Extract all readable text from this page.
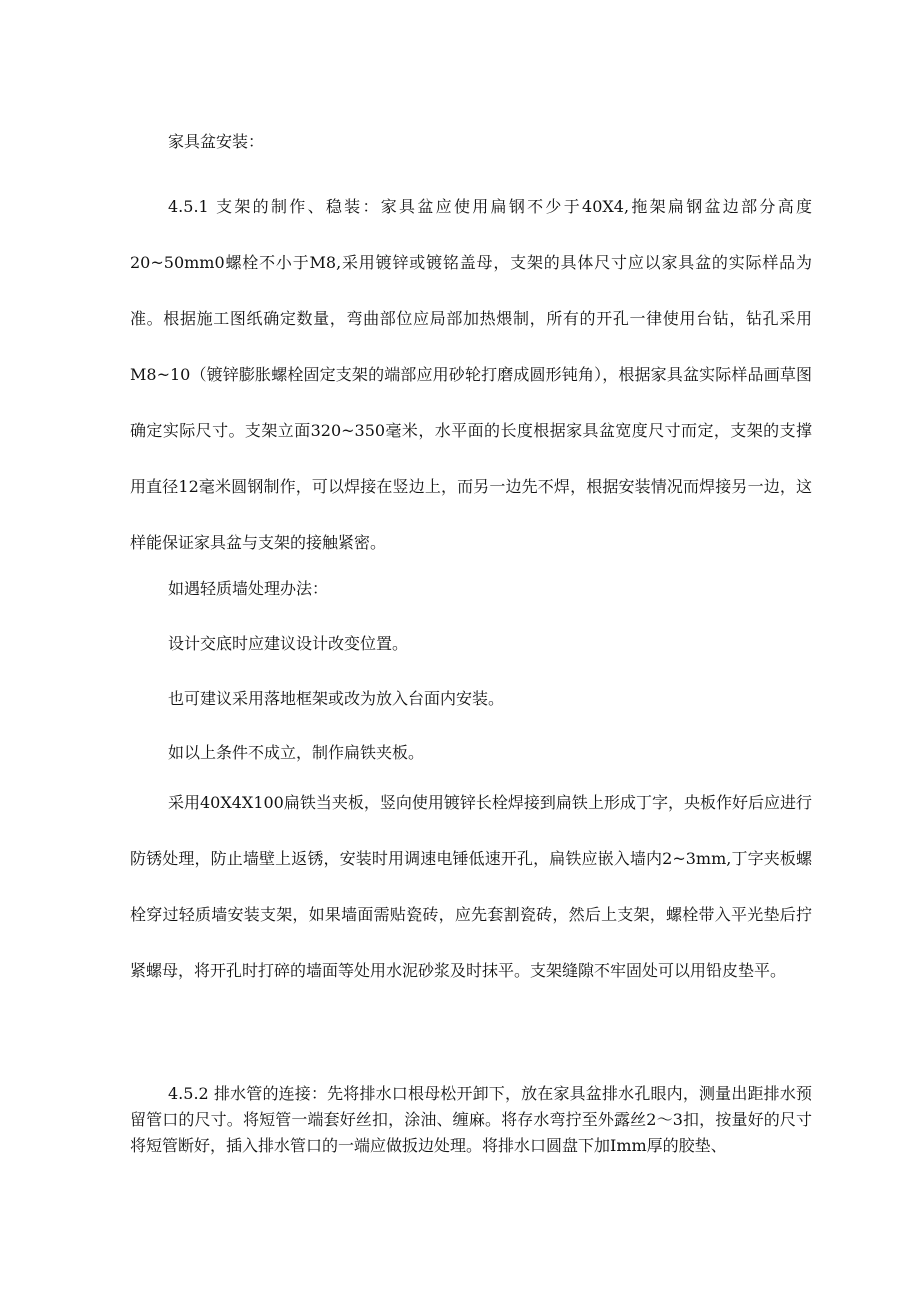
家具盆安装：

4.5.1 支架的制作、稳装：家具盆应使用扁钢不少于40X4,拖架扁钢盆边部分高度20~50mm0螺栓不小于M8,采用镀锌或镀铭盖母，支架的具体尺寸应以家具盆的实际样品为准。根据施工图纸确定数量，弯曲部位应局部加热煨制，所有的开孔一律使用台钻，钻孔采用M8~10（镀锌膨胀螺栓固定支架的端部应用砂轮打磨成圆形钝角），根据家具盆实际样品画草图确定实际尺寸。支架立面320~350毫米，水平面的长度根据家具盆宽度尺寸而定，支架的支撑用直径12毫米圆钢制作，可以焊接在竖边上，而另一边先不焊，根据安装情况而焊接另一边，这样能保证家具盆与支架的接触紧密。

如遇轻质墙处理办法：
设计交底时应建议设计改变位置。
也可建议采用落地框架或改为放入台面内安装。
如以上条件不成立，制作扁铁夹板。

采用40X4X100扁铁当夹板，竖向使用镀锌长栓焊接到扁铁上形成丁字，央板作好后应进行防锈处理，防止墙壁上返锈，安装时用调速电锤低速开孔，扁铁应嵌入墙内2~3mm,丁字夹板螺栓穿过轻质墙安装支架，如果墙面需贴瓷砖，应先套割瓷砖，然后上支架，螺栓带入平光垫后拧紧螺母，将开孔时打碎的墙面等处用水泥砂浆及时抹平。支架缝隙不牢固处可以用铅皮垫平。

4.5.2 排水管的连接：先将排水口根母松开卸下，放在家具盆排水孔眼内，测量出距排水预留管口的尺寸。将短管一端套好丝扣，涂油、缠麻。将存水弯拧至外露丝2〜3扣，按量好的尺寸将短管断好，插入排水管口的一端应做扳边处理。将排水口圆盘下加Imm厚的胶垫、
